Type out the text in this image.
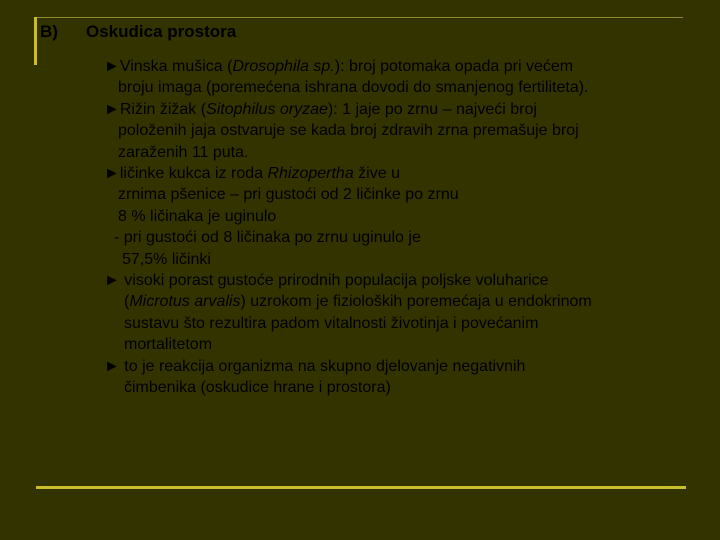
B) Oskudica prostora
►Vinska mušica (Drosophila sp.): broj potomaka opada pri većem
broju imaga (poremećena ishrana dovodi do smanjenog fertiliteta).
►Rižin žižak (Sitophilus oryzae): 1 jaje po zrnu – najveći broj
položenih jaja ostvaruje se kada broj zdravih zrna premašuje broj
zaraženih 11 puta.
►ličinke kukca iz roda Rhizopertha žive u
zrnima pšenice – pri gustoći od 2 ličinke po zrnu
8 % ličinaka je uginulo
- pri gustoći od 8 ličinaka po zrnu uginulo je
57,5% ličinki
► visoki porast gustoće prirodnih populacija poljske voluharice
(Microtus arvalis) uzrokom je fizioloških poremećaja u endokrinom
sustavu što rezultira padom vitalnosti životinja i povećanim
mortalitetom
► to je reakcija organizma na skupno djelovanje negativnih
čimbenika (oskudice hrane i prostora)
